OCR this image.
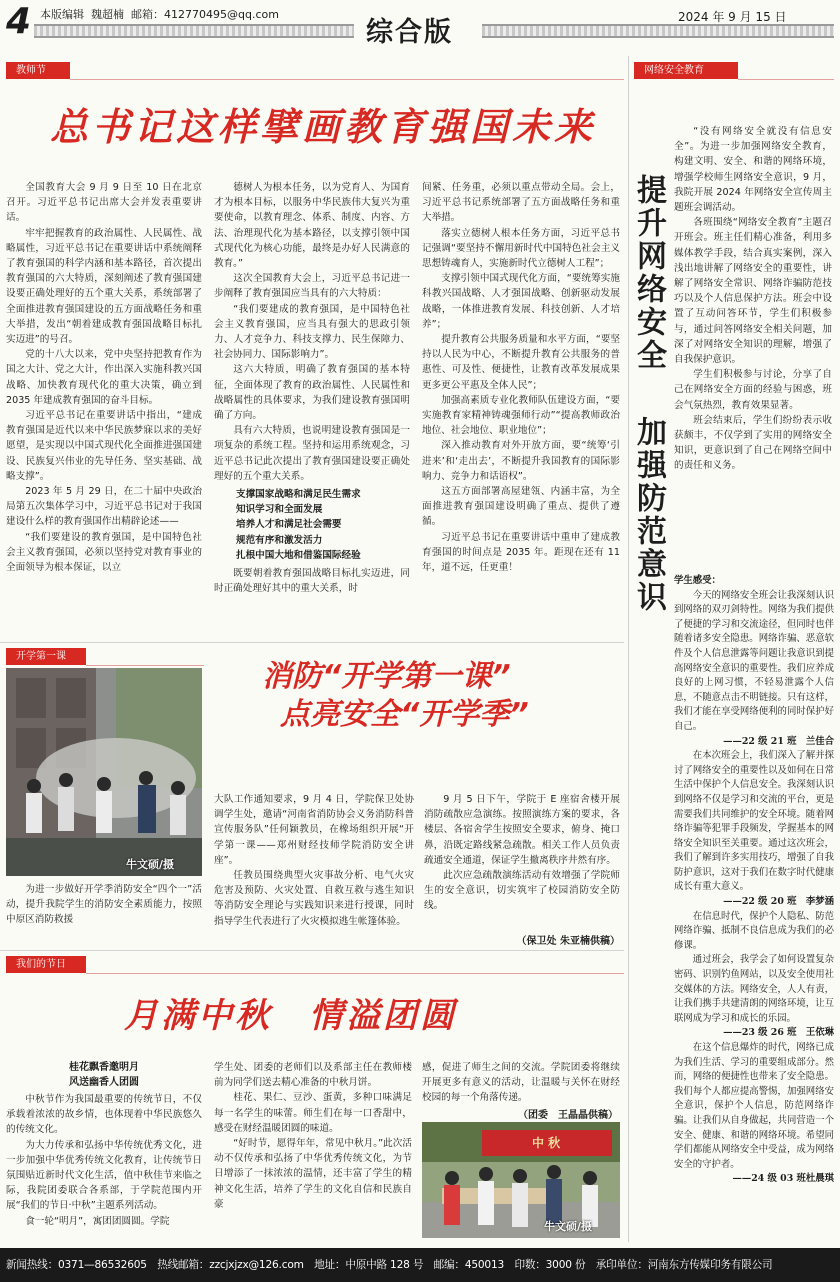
4 本版编辑 魏超楠 邮箱：412770495@qq.com
综合版	2024 年 9 月 15 日
教师节
总书记这样擘画教育强国未来

全国教育大会 9 月 9 日至 10 日在北京召开。习近平总书记出席大会并发表重要讲话。

牢牢把握教育的政治属性、人民属性、战略属性，习近平总书记在重要讲话中系统阐释了教育强国的科学内涵和基本路径，首次提出教育强国的六大特质，深刻阐述了教育强国建设要正确处理好的五个重大关系，系统部署了全面推进教育强国建设的五方面战略任务和重大举措，发出“朝着建成教育强国战略目标扎实迈进”的号召。

党的十八大以来，党中央坚持把教育作为国之大计、党之大计，作出深入实施科教兴国战略、加快教育现代化的重大决策，确立到 2035 年建成教育强国的奋斗目标。

习近平总书记在重要讲话中指出，“建成教育强国是近代以来中华民族梦寐以求的美好愿望，是实现以中国式现代化全面推进强国建设、民族复兴伟业的先导任务、坚实基础、战略支撑”。

2023 年 5 月 29 日，在二十届中央政治局第五次集体学习中，习近平总书记对于我国建设什么样的教育强国作出精辟论述——

“我们要建设的教育强国，是中国特色社会主义教育强国，必须以坚持党对教育事业的全面领导为根本保证，以立

德树人为根本任务，以为党育人、为国育才为根本目标，以服务中华民族伟大复兴为重要使命，以教育理念、体系、制度、内容、方法、治理现代化为基本路径，以支撑引领中国式现代化为核心功能，最终是办好人民满意的教育。”

这次全国教育大会上，习近平总书记进一步阐释了教育强国应当具有的六大特质：

“我们要建成的教育强国，是中国特色社会主义教育强国，应当具有强大的思政引领力、人才竞争力、科技支撑力、民生保障力、社会协同力、国际影响力”。

这六大特质，明确了教育强国的基本特征，全面体现了教育的政治属性、人民属性和战略属性的具体要求，为我们建设教育强国明确了方向。

具有六大特质，也说明建设教育强国是一项复杂的系统工程。坚持和运用系统观念，习近平总书记此次提出了教育强国建设要正确处理好的五个重大关系。

支撑国家战略和满足民生需求
知识学习和全面发展
培养人才和满足社会需要
规范有序和激发活力
扎根中国大地和借鉴国际经验

既要朝着教育强国战略目标扎实迈进，同时正确处理好其中的重大关系，时

间紧、任务重，必须以重点带动全局。会上，习近平总书记系统部署了五方面战略任务和重大举措。

落实立德树人根本任务方面，习近平总书记强调“要坚持不懈用新时代中国特色社会主义思想铸魂育人，实施新时代立德树人工程”；

支撑引领中国式现代化方面，“要统筹实施科教兴国战略、人才强国战略、创新驱动发展战略，一体推进教育发展、科技创新、人才培养”；

提升教育公共服务质量和水平方面，“要坚持以人民为中心，不断提升教育公共服务的普惠性、可及性、便捷性，让教育改革发展成果更多更公平惠及全体人民”；

加强高素质专业化教师队伍建设方面，“要实施教育家精神铸魂强师行动”“提高教师政治地位、社会地位、职业地位”；

深入推动教育对外开放方面，要“统筹‘引进来’和‘走出去’，不断提升我国教育的国际影响力、竞争力和话语权”。

这五方面部署高屋建瓴、内涵丰富，为全面推进教育强国建设明确了重点、提供了遵循。

习近平总书记在重要讲话中重申了建成教育强国的时间点是 2035 年。距现在还有 11 年，道不远，任更重！

网络安全教育
提升网络安全
加强防范意识

“没有网络安全就没有信息安全”。为进一步加强网络安全教育，构建文明、安全、和谐的网络环境，增强学校师生网络安全意识，9 月，我院开展 2024 年网络安全宣传周主题班会调活动。

各班围绕“网络安全教育”主题召开班会。班主任们精心准备，利用多媒体教学手段，结合真实案例，深入浅出地讲解了网络安全的重要性，讲解了网络安全常识、网络诈骗防范技巧以及个人信息保护方法。班会中设置了互动问答环节，学生们积极参与，通过问答网络安全相关问题，加深了对网络安全知识的理解，增强了自我保护意识。

学生们积极参与讨论，分享了自己在网络安全方面的经验与困惑，班会气氛热烈，教育效果显著。

班会结束后，学生们纷纷表示收获颇丰，不仅学到了实用的网络安全知识，更意识到了自己在网络空间中的责任和义务。

学生感受：

今天的网络安全班会让我深刻认识到网络的双刃剑特性。网络为我们提供了便捷的学习和交流途径，但同时也伴随着诸多安全隐患。网络诈骗、恶意软件及个人信息泄露等问题让我意识到提高网络安全意识的重要性。我们应养成良好的上网习惯，不轻易泄露个人信息，不随意点击不明链接。只有这样，我们才能在享受网络便利的同时保护好自己。

——22 级 21 班　兰佳合

在本次班会上，我们深入了解并探讨了网络安全的重要性以及如何在日常生活中保护个人信息安全。我深刻认识到网络不仅是学习和交流的平台，更是需要我们共同维护的安全环境。随着网络诈骗等犯罪手段频发，学握基本的网络安全知识至关重要。通过这次班会，我们了解到许多实用技巧，增强了自我防护意识，这对于我们在数字时代健康成长有重大意义。

——22 级 20 班　李梦涵

在信息时代，保护个人隐私、防范网络诈骗、抵制不良信息成为我们的必修课。

通过班会，我学会了如何设置复杂密码、识别钓鱼网站，以及安全使用社交媒体的方法。网络安全，人人有责，让我们携手共建清朗的网络环境，让互联网成为学习和成长的乐园。

——23 级 26 班　王依琳

在这个信息爆炸的时代，网络已成为我们生活、学习的重要组成部分。然而，网络的便捷性也带来了安全隐患。我们每个人都应提高警惕，加强网络安全意识，保护个人信息，防范网络诈骗。让我们从自身做起，共同营造一个安全、健康、和谐的网络环境。希望同学们都能从网络安全中受益，成为网络安全的守护者。

——24 级 03 班杜晨琪
开学第一课
牛文硕/摄
消防“开学第一课”
点亮安全“开学季”

为进一步做好开学季消防安全“四个一”活动，提升我院学生的消防安全素质能力，按照中原区消防救援

大队工作通知要求，9 月 4 日，学院保卫处协调学生处，邀请“河南省消防协会义务消防科普宣传服务队”任何颖教员，在橡场组织开展“开学第一课——郑州财经技师学院消防安全讲座”。

任教员围绕典型火灾事故分析、电气火灾危害及预防、火灾处置、自救互救与逃生知识等消防安全理论与实践知识来进行授课，同时指导学生代表进行了火灾模拟逃生帐篷体验。

9 月 5 日下午，学院于 E 座宿舍楼开展消防疏散应急演练。按照演练方案的要求，各楼层、各宿舍学生按照安全要求，俯身、掩口鼻，沿既定路线紧急疏散。相关工作人员负责疏通安全通道，保证学生撤离秩序井然有序。

此次应急疏散演练活动有效增强了学院师生的安全意识，切实筑牢了校园消防安全防线。

（保卫处 朱亚楠供稿）
我们的节日
月满中秋　情溢团圆
桂花飘香邀明月
风送幽香人团圆

中秋节作为我国最重要的传统节日，不仅承载着浓浓的故乡情，也体现着中华民族悠久的传统文化。

为大力传承和弘扬中华传统优秀文化，进一步加强中华优秀传统文化教育，让传统节日氛围贴近新时代文化生活，值中秋佳节来临之际，我院团委联合各系部，于学院范围内开展“我们的节日·中秋”主题系列活动。

食一轮“明月”，寓团团圆圆。学院

学生处、团委的老师们以及系部主任在教师楼前为同学们送去精心准备的中秋月饼。

桂花、果仁、豆沙、蛋黄，多种口味满足每一名学生的味蕾。师生们在每一口香甜中，感受在财经温暖团圆的味道。

“好时节，愿得年年，常见中秋月。”此次活动不仅传承和弘扬了中华优秀传统文化，为节日增添了一抹浓浓的温情，还丰富了学生的精神文化生活，培养了学生的文化自信和民族自豪

感，促进了师生之间的交流。学院团委将继续开展更多有意义的活动，让温暖与关怀在财经校园的每一个角落传递。

（团委　王晶晶供稿）
中 秋
牛文硕/摄
新闻热线：0371—86532605　热线邮箱：zzcjxjzx@126.com　地址：中原中路 128 号　邮编：450013　印数：3000 份　承印单位：河南东方传媒印务有限公司
